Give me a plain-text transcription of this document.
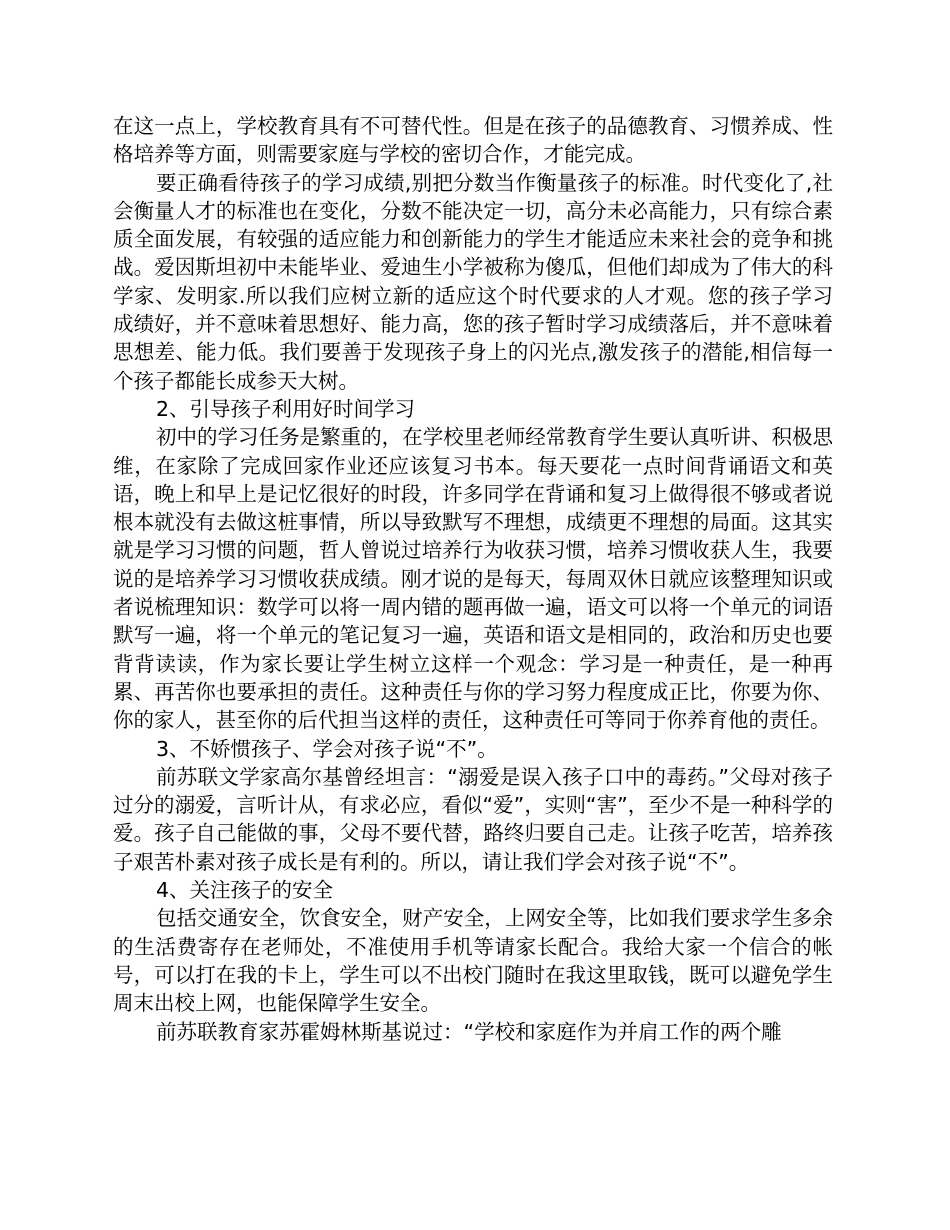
在这一点上，学校教育具有不可替代性。但是在孩子的品德教育、习惯养成、性格培养等方面，则需要家庭与学校的密切合作，才能完成。

要正确看待孩子的学习成绩,别把分数当作衡量孩子的标准。时代变化了,社会衡量人才的标准也在变化，分数不能决定一切，高分未必高能力，只有综合素质全面发展，有较强的适应能力和创新能力的学生才能适应未来社会的竞争和挑战。爱因斯坦初中未能毕业、爱迪生小学被称为傻瓜，但他们却成为了伟大的科学家、发明家.所以我们应树立新的适应这个时代要求的人才观。您的孩子学习成绩好，并不意味着思想好、能力高，您的孩子暂时学习成绩落后，并不意味着思想差、能力低。我们要善于发现孩子身上的闪光点,激发孩子的潜能,相信每一个孩子都能长成参天大树。

2、引导孩子利用好时间学习

初中的学习任务是繁重的，在学校里老师经常教育学生要认真听讲、积极思维，在家除了完成回家作业还应该复习书本。每天要花一点时间背诵语文和英语，晚上和早上是记忆很好的时段，许多同学在背诵和复习上做得很不够或者说根本就没有去做这桩事情，所以导致默写不理想，成绩更不理想的局面。这其实就是学习习惯的问题，哲人曾说过培养行为收获习惯，培养习惯收获人生，我要说的是培养学习习惯收获成绩。刚才说的是每天，每周双休日就应该整理知识或者说梳理知识：数学可以将一周内错的题再做一遍，语文可以将一个单元的词语默写一遍，将一个单元的笔记复习一遍，英语和语文是相同的，政治和历史也要背背读读，作为家长要让学生树立这样一个观念：学习是一种责任，是一种再累、再苦你也要承担的责任。这种责任与你的学习努力程度成正比，你要为你、你的家人，甚至你的后代担当这样的责任，这种责任可等同于你养育他的责任。

3、不娇惯孩子、学会对孩子说“不”。

前苏联文学家高尔基曾经坦言：“溺爱是误入孩子口中的毒药。”父母对孩子过分的溺爱，言听计从，有求必应，看似“爱”，实则“害”，至少不是一种科学的爱。孩子自己能做的事，父母不要代替，路终归要自己走。让孩子吃苦，培养孩子艰苦朴素对孩子成长是有利的。所以，请让我们学会对孩子说“不”。

4、关注孩子的安全

包括交通安全，饮食安全，财产安全，上网安全等，比如我们要求学生多余的生活费寄存在老师处，不准使用手机等请家长配合。我给大家一个信合的帐号，可以打在我的卡上，学生可以不出校门随时在我这里取钱，既可以避免学生周末出校上网，也能保障学生安全。

前苏联教育家苏霍姆林斯基说过：“学校和家庭作为并肩工作的两个雕
